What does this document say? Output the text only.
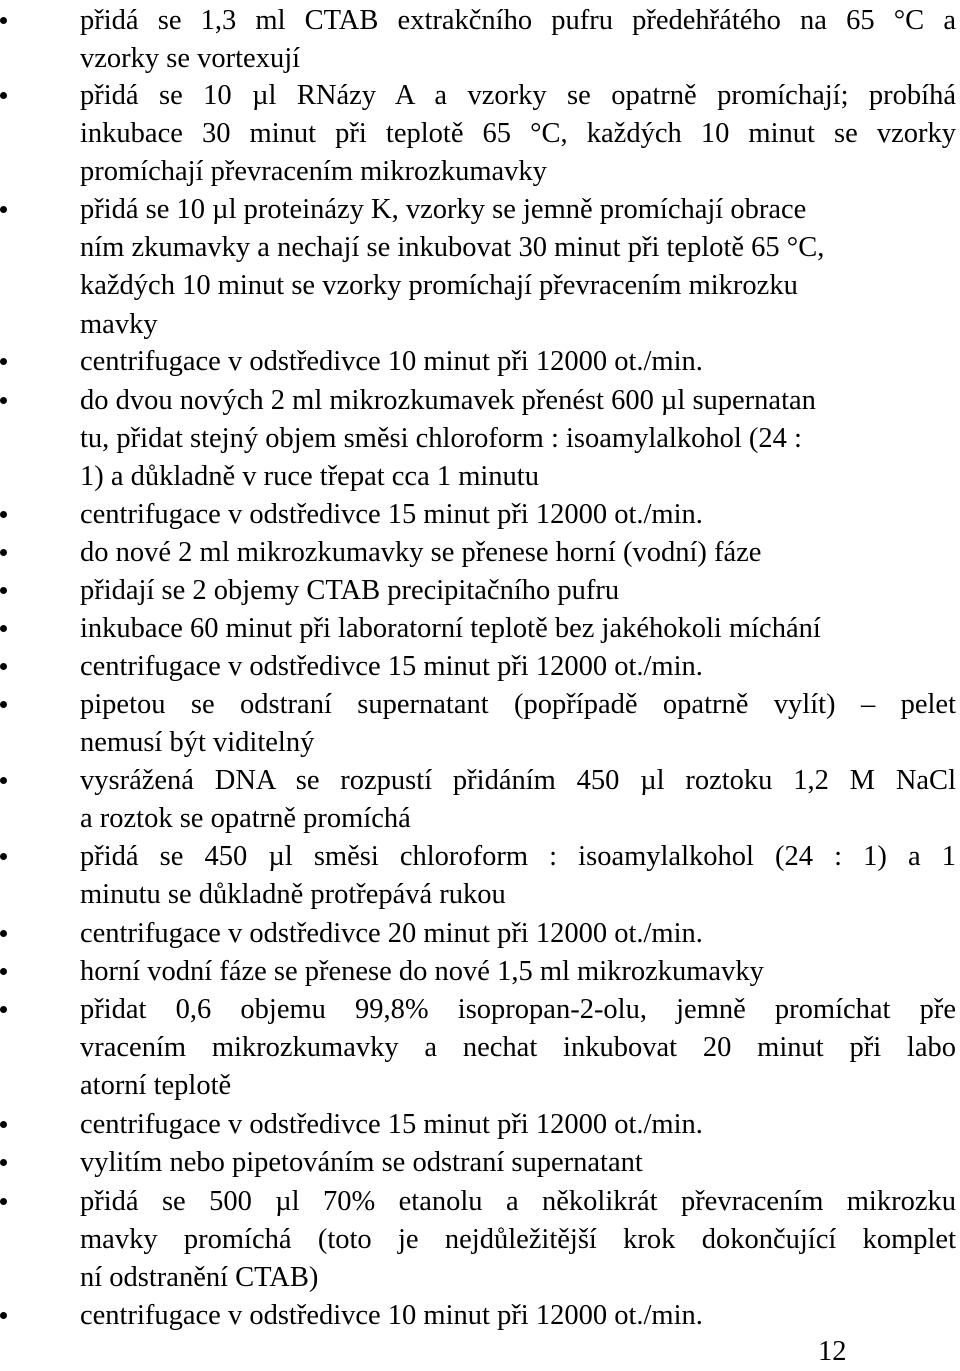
přidá se 1,3 ml CTAB extrakčního pufru předehřátého na 65 °C a
vzorky se vortexují
přidá se 10 µl RNázy A a vzorky se opatrně promíchají; probíhá
inkubace 30 minut při teplotě 65 °C, každých 10 minut se vzorky
promíchají převracením mikrozkumavky
přidá se 10 µl proteinázy K, vzorky se jemně promíchají obrace
ním zkumavky a nechají se inkubovat 30 minut při teplotě 65 °C,
každých 10 minut se vzorky promíchají převracením mikrozku
mavky
centrifugace v odstředivce 10 minut při 12000 ot./min.
do dvou nových 2 ml mikrozkumavek přenést 600 µl supernatan
tu, přidat stejný objem směsi chloroform : isoamylalkohol (24 :
1) a důkladně v ruce třepat cca 1 minutu
centrifugace v odstředivce 15 minut při 12000 ot./min.
do nové 2 ml mikrozkumavky se přenese horní (vodní) fáze
přidají se 2 objemy CTAB precipitačního pufru
inkubace 60 minut při laboratorní teplotě bez jakéhokoli míchání
centrifugace v odstředivce 15 minut při 12000 ot./min.
pipetou se odstraní supernatant (popřípadě opatrně vylít) – pelet
nemusí být viditelný
vysrážená DNA se rozpustí přidáním 450 µl roztoku 1,2 M NaCl
a roztok se opatrně promíchá
přidá se 450 µl směsi chloroform : isoamylalkohol (24 : 1) a 1
minutu se důkladně protřepává rukou
centrifugace v odstředivce 20 minut při 12000 ot./min.
horní vodní fáze se přenese do nové 1,5 ml mikrozkumavky
přidat 0,6 objemu 99,8% isopropan-2-olu, jemně promíchat pře
vracením mikrozkumavky a nechat inkubovat 20 minut při labo
atorní teplotě
centrifugace v odstředivce 15 minut při 12000 ot./min.
vylitím nebo pipetováním se odstraní supernatant
přidá se 500 µl 70% etanolu a několikrát převracením mikrozku
mavky promíchá (toto je nejdůležitější krok dokončující komplet
ní odstranění CTAB)
centrifugace v odstředivce 10 minut při 12000 ot./min.
12
